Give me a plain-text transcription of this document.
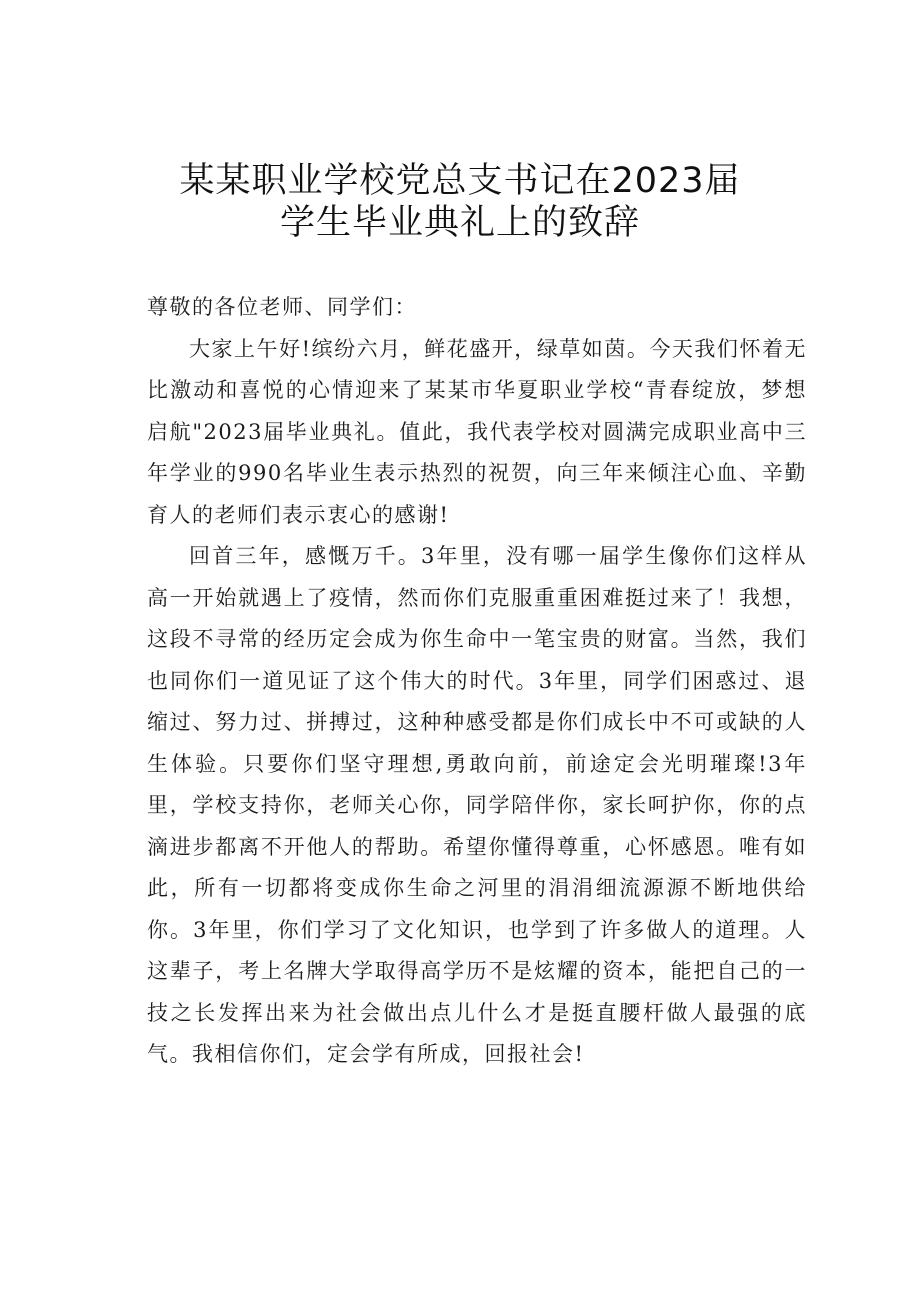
某某职业学校党总支书记在2023届
学生毕业典礼上的致辞

尊敬的各位老师、同学们：

大家上午好!缤纷六月，鲜花盛开，绿草如茵。今天我们怀着无比激动和喜悦的心情迎来了某某市华夏职业学校“青春绽放，梦想启航"2023届毕业典礼。值此，我代表学校对圆满完成职业高中三年学业的990名毕业生表示热烈的祝贺，向三年来倾注心血、辛勤育人的老师们表示衷心的感谢!

回首三年，感慨万千。3年里，没有哪一届学生像你们这样从高一开始就遇上了疫情，然而你们克服重重困难挺过来了！我想，这段不寻常的经历定会成为你生命中一笔宝贵的财富。当然，我们也同你们一道见证了这个伟大的时代。3年里，同学们困惑过、退缩过、努力过、拼搏过，这种种感受都是你们成长中不可或缺的人生体验。只要你们坚守理想,勇敢向前，前途定会光明璀璨!3年里，学校支持你，老师关心你，同学陪伴你，家长呵护你，你的点滴进步都离不开他人的帮助。希望你懂得尊重，心怀感恩。唯有如此，所有一切都将变成你生命之河里的涓涓细流源源不断地供给你。3年里，你们学习了文化知识，也学到了许多做人的道理。人这辈子，考上名牌大学取得高学历不是炫耀的资本，能把自己的一技之长发挥出来为社会做出点儿什么才是挺直腰杆做人最强的底气。我相信你们，定会学有所成，回报社会!
